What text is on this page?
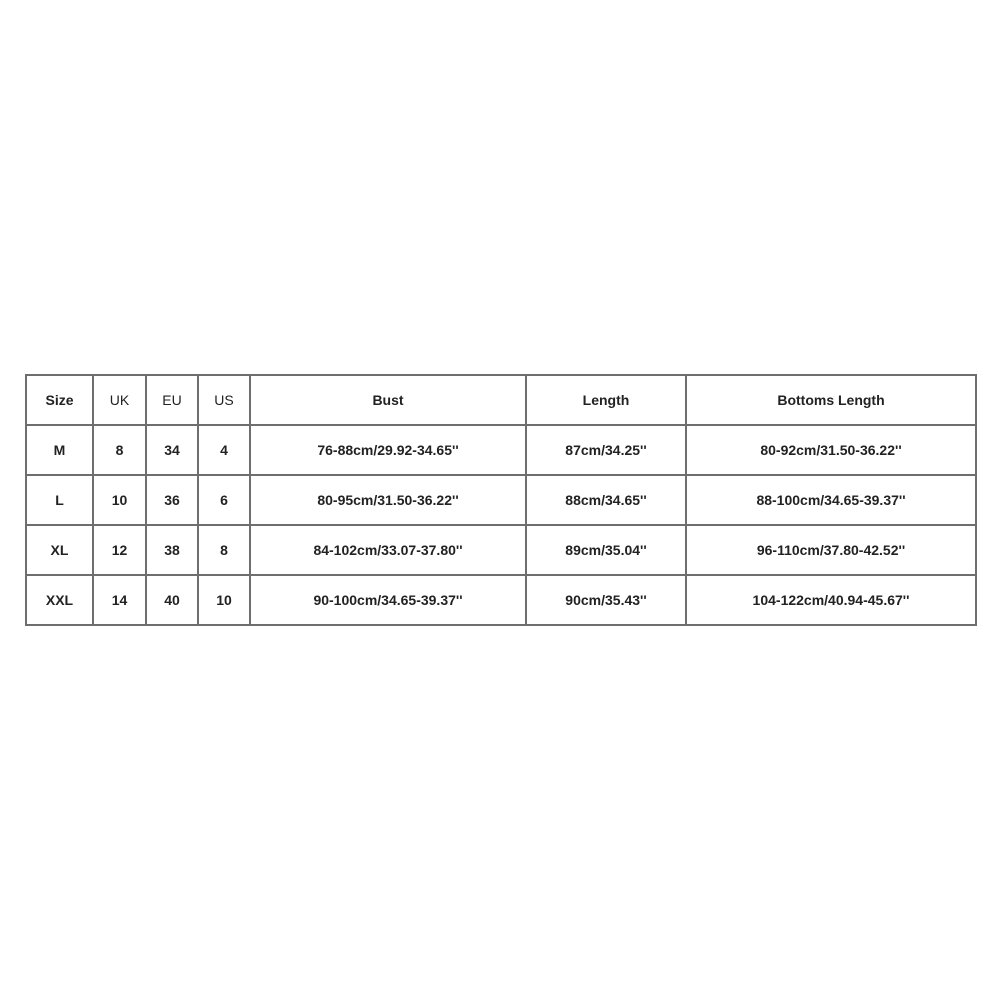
Size	UK	EU	US	Bust	Length	Bottoms Length
M	8	34	4	76-88cm/29.92-34.65''	87cm/34.25''	80-92cm/31.50-36.22''
L	10	36	6	80-95cm/31.50-36.22''	88cm/34.65''	88-100cm/34.65-39.37''
XL	12	38	8	84-102cm/33.07-37.80''	89cm/35.04''	96-110cm/37.80-42.52''
XXL	14	40	10	90-100cm/34.65-39.37''	90cm/35.43''	104-122cm/40.94-45.67''
